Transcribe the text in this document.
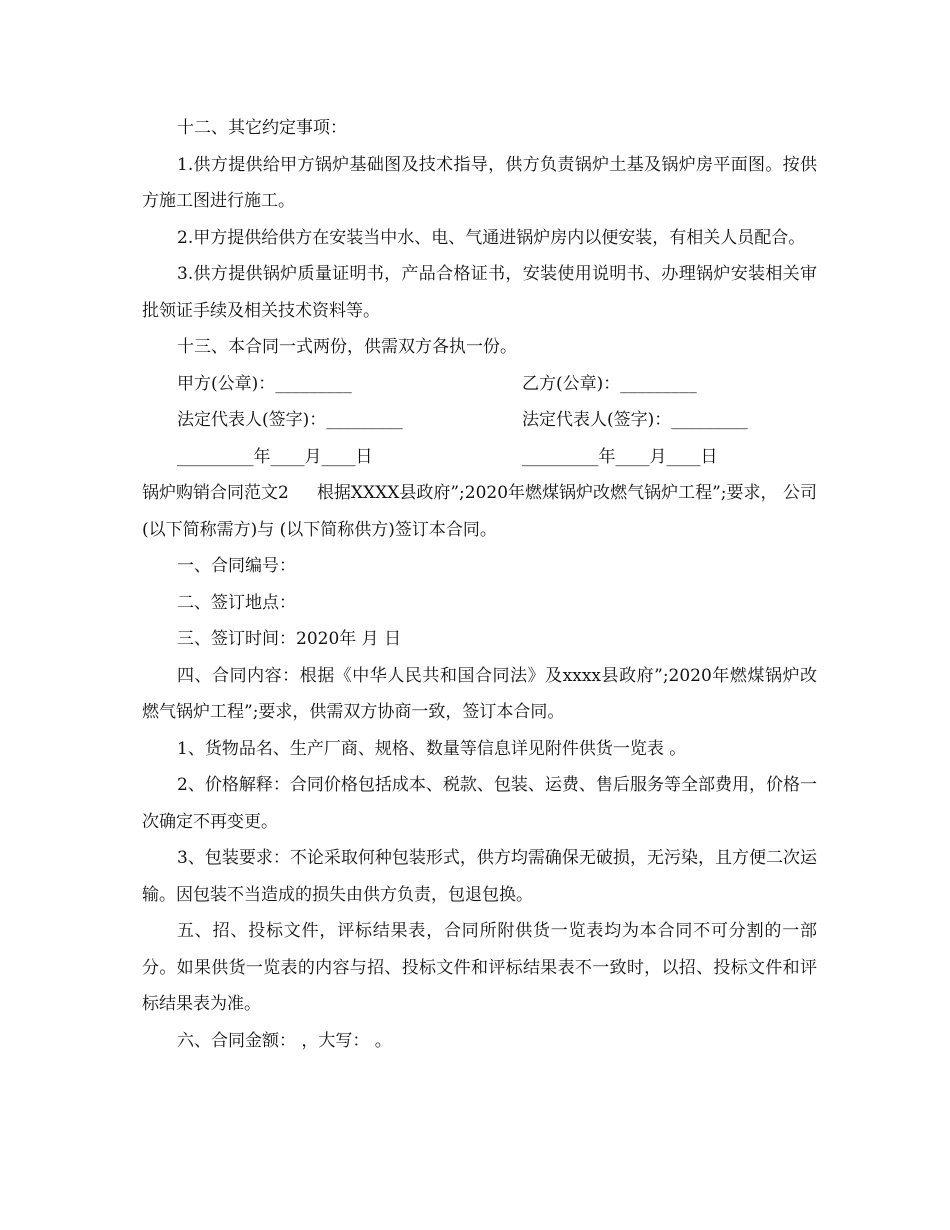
十二、其它约定事项：

1.供方提供给甲方锅炉基础图及技术指导，供方负责锅炉土基及锅炉房平面图。按供方施工图进行施工。

2.甲方提供给供方在安装当中水、电、气通进锅炉房内以便安装，有相关人员配合。

3.供方提供锅炉质量证明书，产品合格证书，安装使用说明书、办理锅炉安装相关审批领证手续及相关技术资料等。

十三、本合同一式两份，供需双方各执一份。

甲方(公章)：_________	乙方(公章)：_________
法定代表人(签字)：_________	法定代表人(签字)：_________
_________年____月____日	_________年____月____日

锅炉购销合同范文2 根据XXXX县政府”;2020年燃煤锅炉改燃气锅炉工程”;要求， 公司(以下简称需方)与 (以下简称供方)签订本合同。

一、合同编号：

二、签订地点：

三、签订时间：2020年 月 日

四、合同内容：根据《中华人民共和国合同法》及xxxx县政府”;2020年燃煤锅炉改燃气锅炉工程”;要求，供需双方协商一致，签订本合同。

1、货物品名、生产厂商、规格、数量等信息详见附件供货一览表 。

2、价格解释：合同价格包括成本、税款、包装、运费、售后服务等全部费用，价格一次确定不再变更。

3、包装要求：不论采取何种包装形式，供方均需确保无破损，无污染，且方便二次运输。因包装不当造成的损失由供方负责，包退包换。

五、招、投标文件，评标结果表，合同所附供货一览表均为本合同不可分割的一部分。如果供货一览表的内容与招、投标文件和评标结果表不一致时，以招、投标文件和评标结果表为准。

六、合同金额： ，大写： 。
